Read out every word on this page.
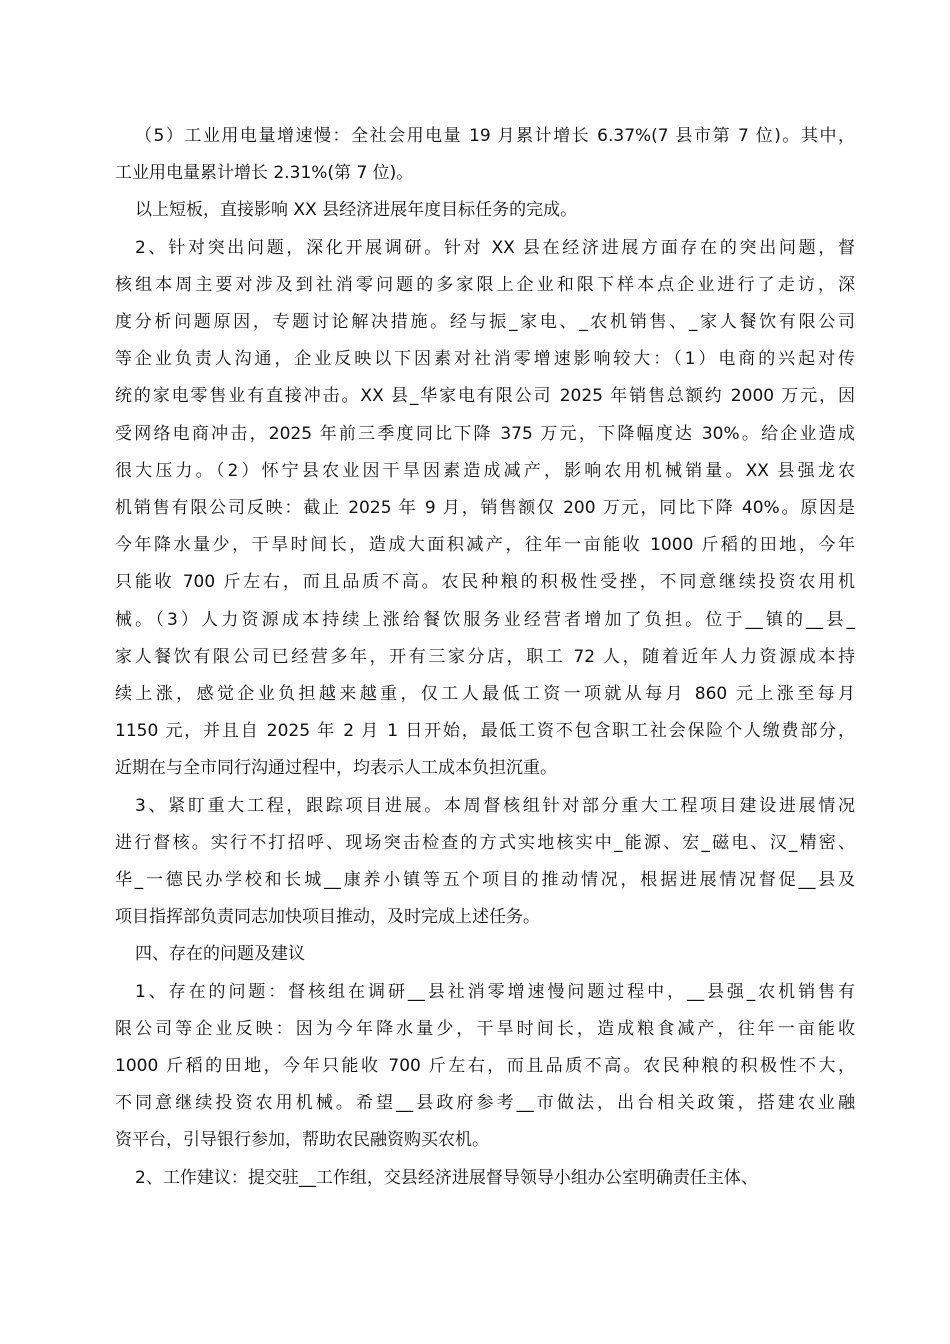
（5）工业用电量增速慢：全社会用电量 19 月累计增长 6.37%(7 县市第 7 位)。其中，
工业用电量累计增长 2.31%(第 7 位)。
以上短板，直接影响 XX 县经济进展年度目标任务的完成。
2、针对突出问题，深化开展调研。针对 XX 县在经济进展方面存在的突出问题，督
核组本周主要对涉及到社消零问题的多家限上企业和限下样本点企业进行了走访，深
度分析问题原因，专题讨论解决措施。经与振_家电、_农机销售、_家人餐饮有限公司
等企业负责人沟通，企业反映以下因素对社消零增速影响较大：（1）电商的兴起对传
统的家电零售业有直接冲击。XX 县_华家电有限公司 2025 年销售总额约 2000 万元，因
受网络电商冲击，2025 年前三季度同比下降 375 万元，下降幅度达 30%。给企业造成
很大压力。（2）怀宁县农业因干旱因素造成减产，影响农用机械销量。XX 县强龙农
机销售有限公司反映：截止 2025 年 9 月，销售额仅 200 万元，同比下降 40%。原因是
今年降水量少，干旱时间长，造成大面积减产，往年一亩能收 1000 斤稻的田地，今年
只能收 700 斤左右，而且品质不高。农民种粮的积极性受挫，不同意继续投资农用机
械。（3）人力资源成本持续上涨给餐饮服务业经营者增加了负担。位于__镇的__县_
家人餐饮有限公司已经营多年，开有三家分店，职工 72 人，随着近年人力资源成本持
续上涨，感觉企业负担越来越重，仅工人最低工资一项就从每月 860 元上涨至每月
1150 元，并且自 2025 年 2 月 1 日开始，最低工资不包含职工社会保险个人缴费部分，
近期在与全市同行沟通过程中，均表示人工成本负担沉重。
3、紧盯重大工程，跟踪项目进展。本周督核组针对部分重大工程项目建设进展情况
进行督核。实行不打招呼、现场突击检查的方式实地核实中_能源、宏_磁电、汉_精密、
华_一德民办学校和长城__康养小镇等五个项目的推动情况，根据进展情况督促__县及
项目指挥部负责同志加快项目推动，及时完成上述任务。
四、存在的问题及建议
1、存在的问题：督核组在调研__县社消零增速慢问题过程中，__县强_农机销售有
限公司等企业反映：因为今年降水量少，干旱时间长，造成粮食减产，往年一亩能收
1000 斤稻的田地，今年只能收 700 斤左右，而且品质不高。农民种粮的积极性不大，
不同意继续投资农用机械。希望__县政府参考__市做法，出台相关政策，搭建农业融
资平台，引导银行参加，帮助农民融资购买农机。
2、工作建议：提交驻__工作组，交县经济进展督导领导小组办公室明确责任主体、
